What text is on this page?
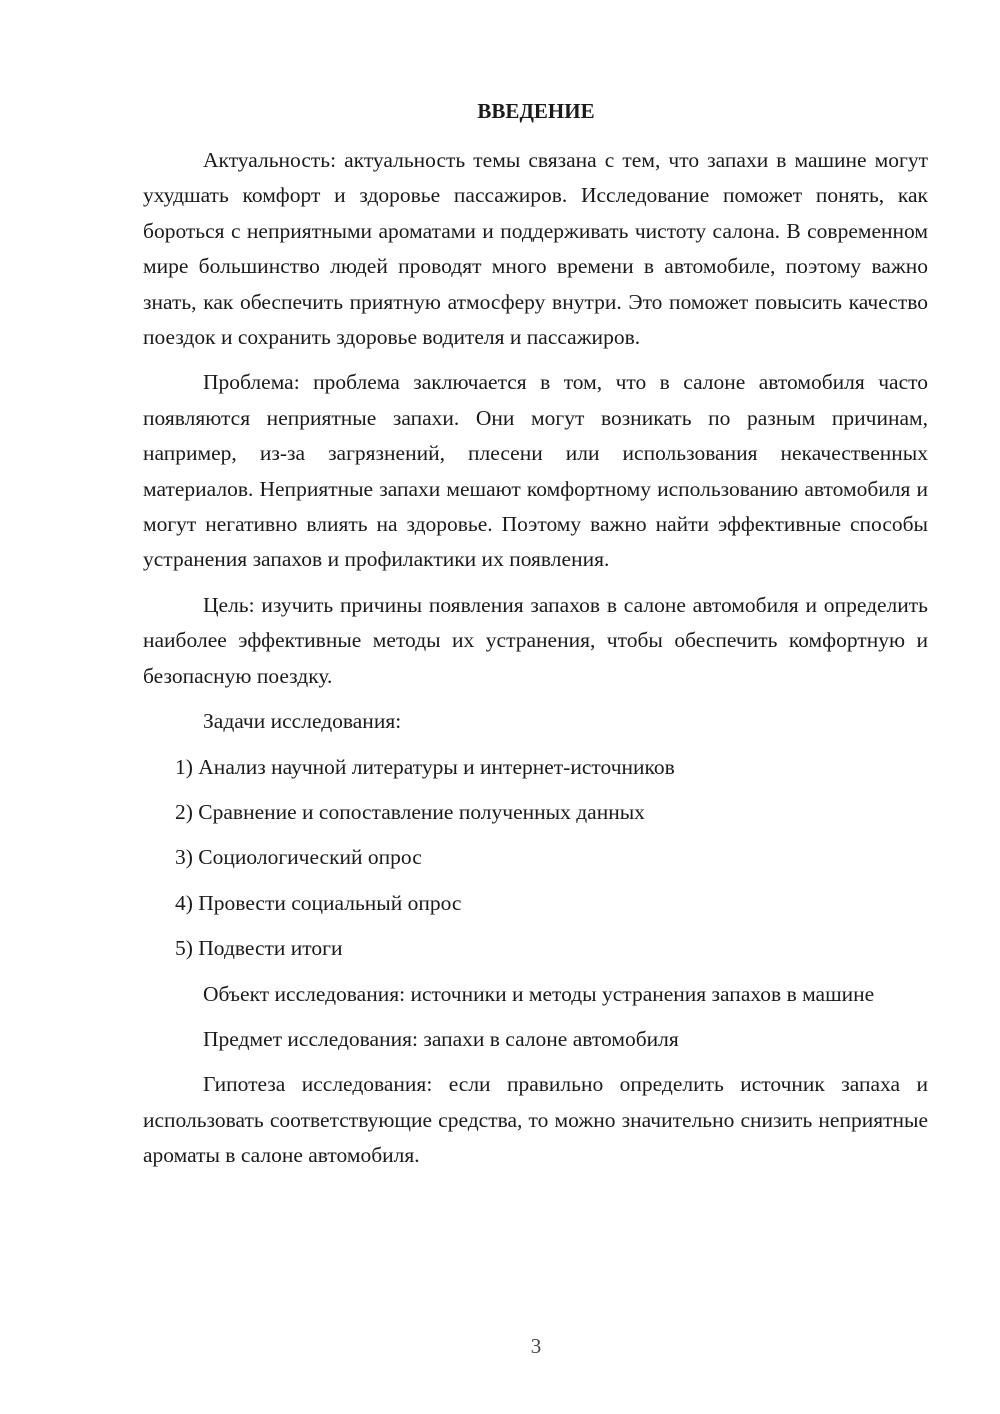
ВВЕДЕНИЕ

Актуальность: актуальность темы связана с тем, что запахи в машине могут ухудшать комфорт и здоровье пассажиров. Исследование поможет понять, как бороться с неприятными ароматами и поддерживать чистоту салона. В современном мире большинство людей проводят много времени в автомобиле, поэтому важно знать, как обеспечить приятную атмосферу внутри. Это поможет повысить качество поездок и сохранить здоровье водителя и пассажиров.

Проблема: проблема заключается в том, что в салоне автомобиля часто появляются неприятные запахи. Они могут возникать по разным причинам, например, из-за загрязнений, плесени или использования некачественных материалов. Неприятные запахи мешают комфортному использованию автомобиля и могут негативно влиять на здоровье. Поэтому важно найти эффективные способы устранения запахов и профилактики их появления.

Цель: изучить причины появления запахов в салоне автомобиля и определить наиболее эффективные методы их устранения, чтобы обеспечить комфортную и безопасную поездку.

Задачи исследования:

1) Анализ научной литературы и интернет-источников

2) Сравнение и сопоставление полученных данных

3) Социологический опрос

4) Провести социальный опрос

5) Подвести итоги

Объект исследования: источники и методы устранения запахов в машине

Предмет исследования: запахи в салоне автомобиля

Гипотеза исследования: если правильно определить источник запаха и использовать соответствующие средства, то можно значительно снизить неприятные ароматы в салоне автомобиля.

3
